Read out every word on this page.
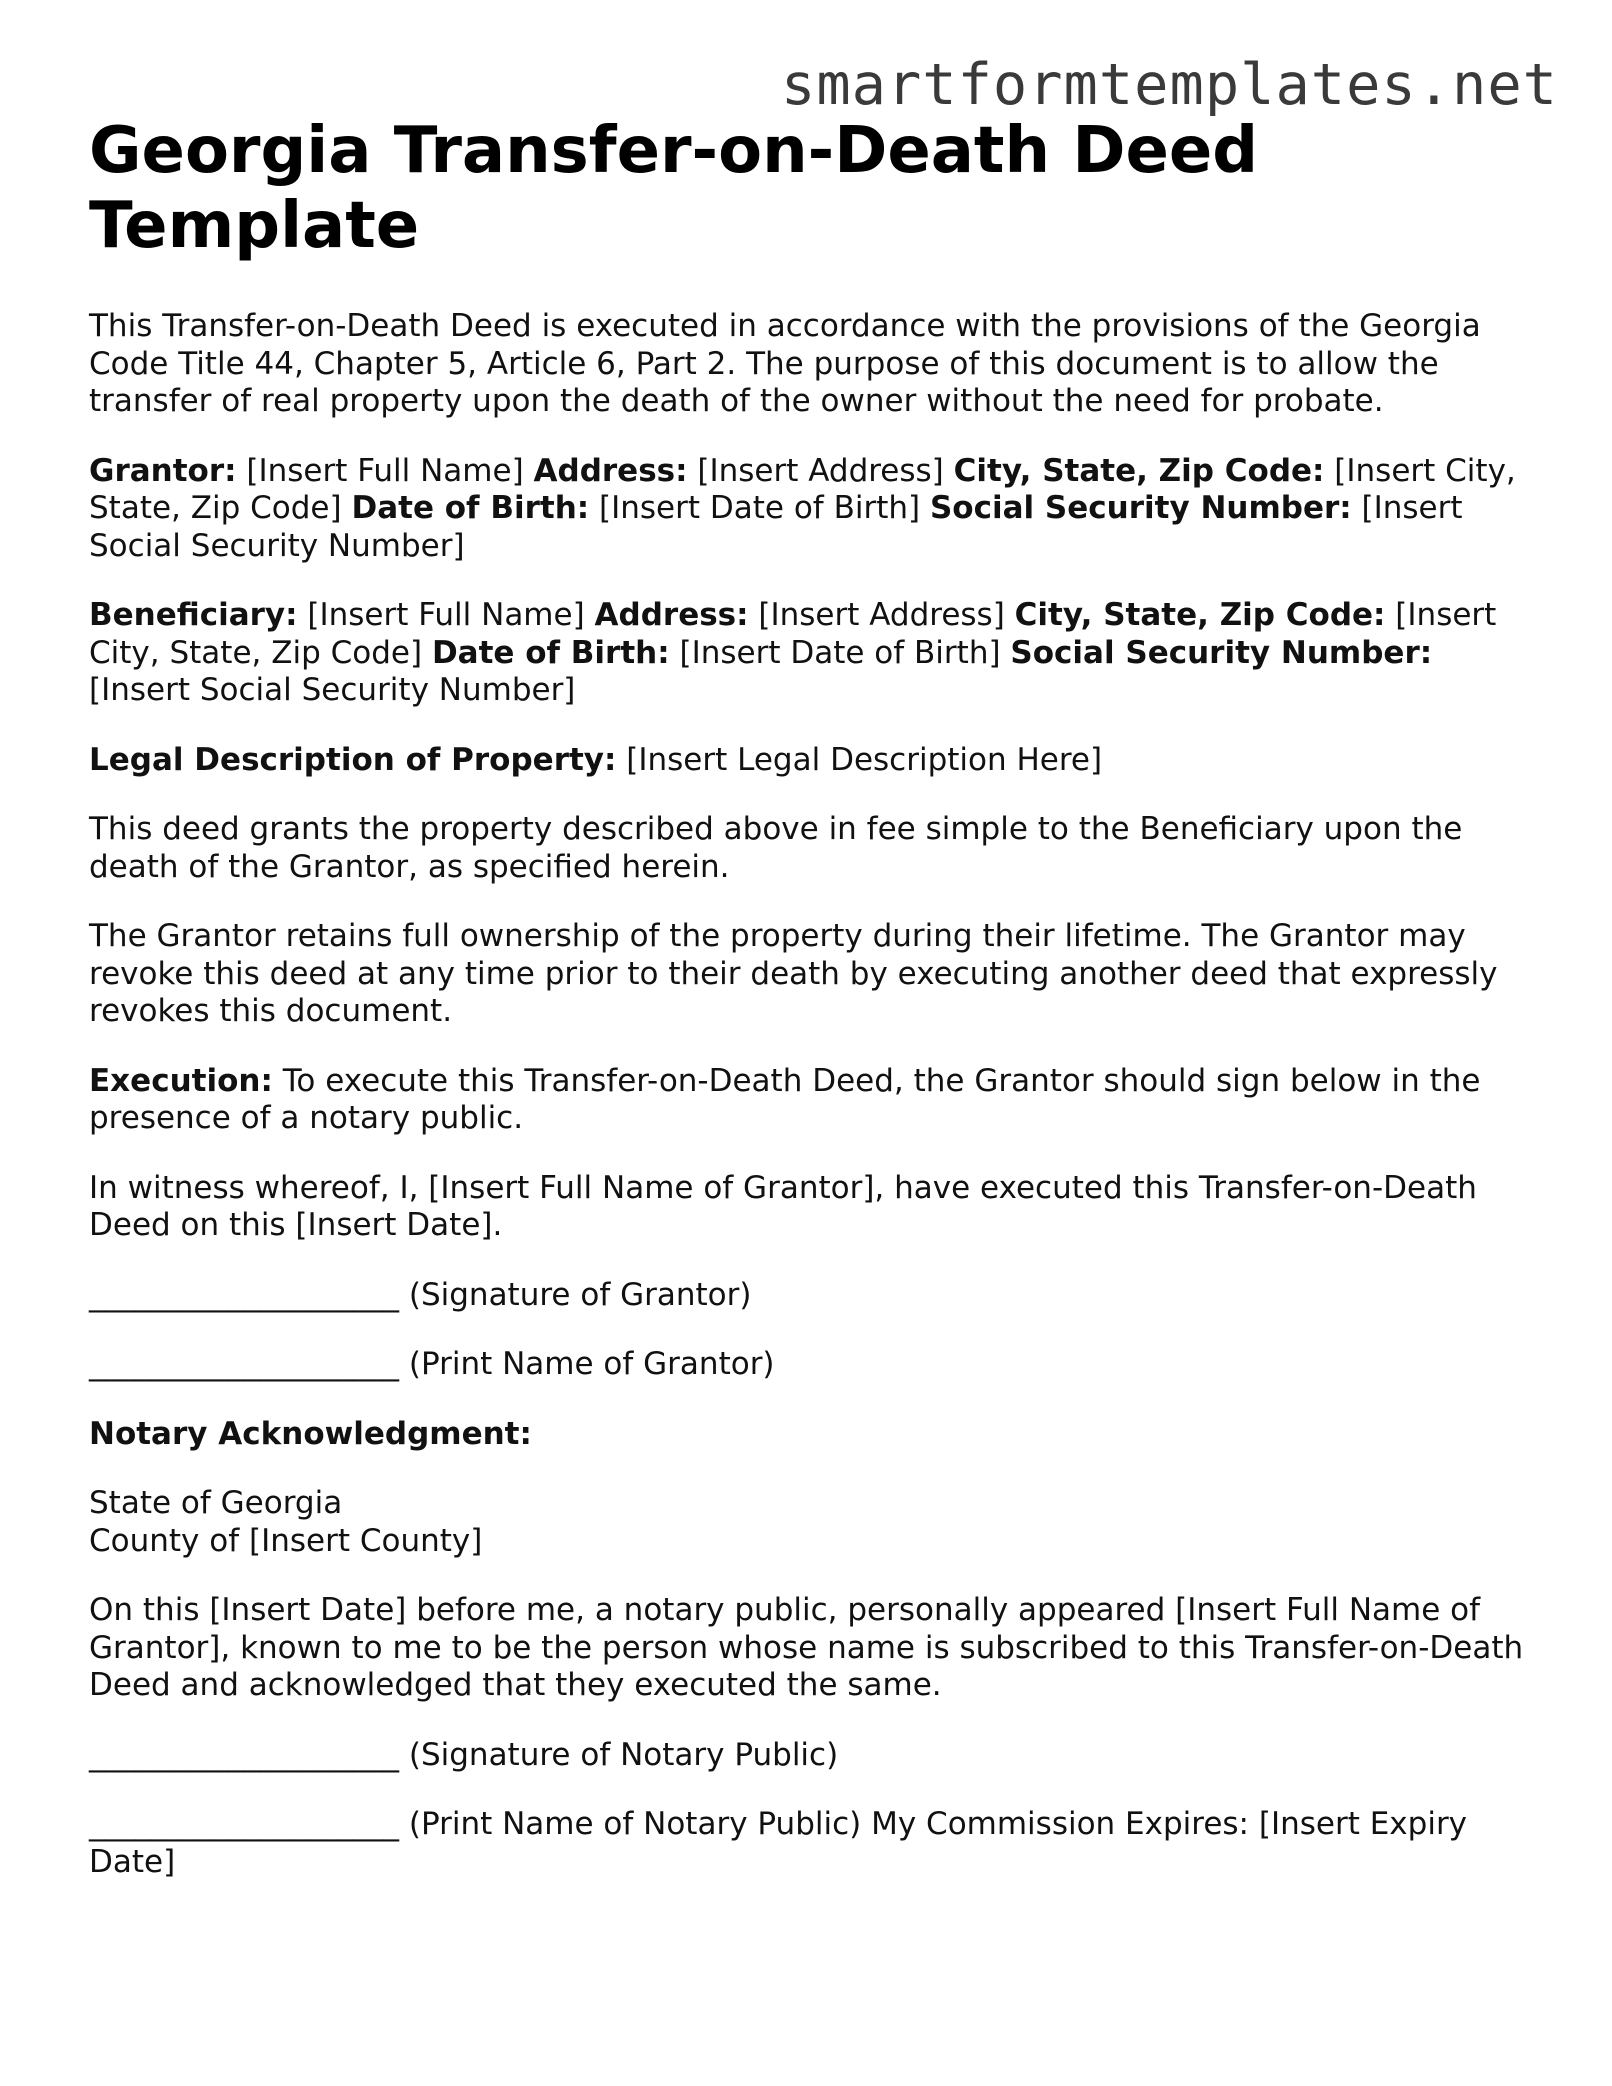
smartformtemplates.net
Georgia Transfer-on-Death Deed Template

This Transfer-on-Death Deed is executed in accordance with the provisions of the Georgia Code Title 44, Chapter 5, Article 6, Part 2. The purpose of this document is to allow the transfer of real property upon the death of the owner without the need for probate.

Grantor: [Insert Full Name] Address: [Insert Address] City, State, Zip Code: [Insert City, State, Zip Code] Date of Birth: [Insert Date of Birth] Social Security Number: [Insert Social Security Number]

Beneficiary: [Insert Full Name] Address: [Insert Address] City, State, Zip Code: [Insert City, State, Zip Code] Date of Birth: [Insert Date of Birth] Social Security Number: [Insert Social Security Number]

Legal Description of Property: [Insert Legal Description Here]

This deed grants the property described above in fee simple to the Beneficiary upon the death of the Grantor, as specified herein.

The Grantor retains full ownership of the property during their lifetime. The Grantor may revoke this deed at any time prior to their death by executing another deed that expressly revokes this document.

Execution: To execute this Transfer-on-Death Deed, the Grantor should sign below in the presence of a notary public.

In witness whereof, I, [Insert Full Name of Grantor], have executed this Transfer-on-Death Deed on this [Insert Date].

____________________ (Signature of Grantor)

____________________ (Print Name of Grantor)

Notary Acknowledgment:

State of Georgia
County of [Insert County]

On this [Insert Date] before me, a notary public, personally appeared [Insert Full Name of Grantor], known to me to be the person whose name is subscribed to this Transfer-on-Death Deed and acknowledged that they executed the same.

____________________ (Signature of Notary Public)

____________________ (Print Name of Notary Public) My Commission Expires: [Insert Expiry Date]
